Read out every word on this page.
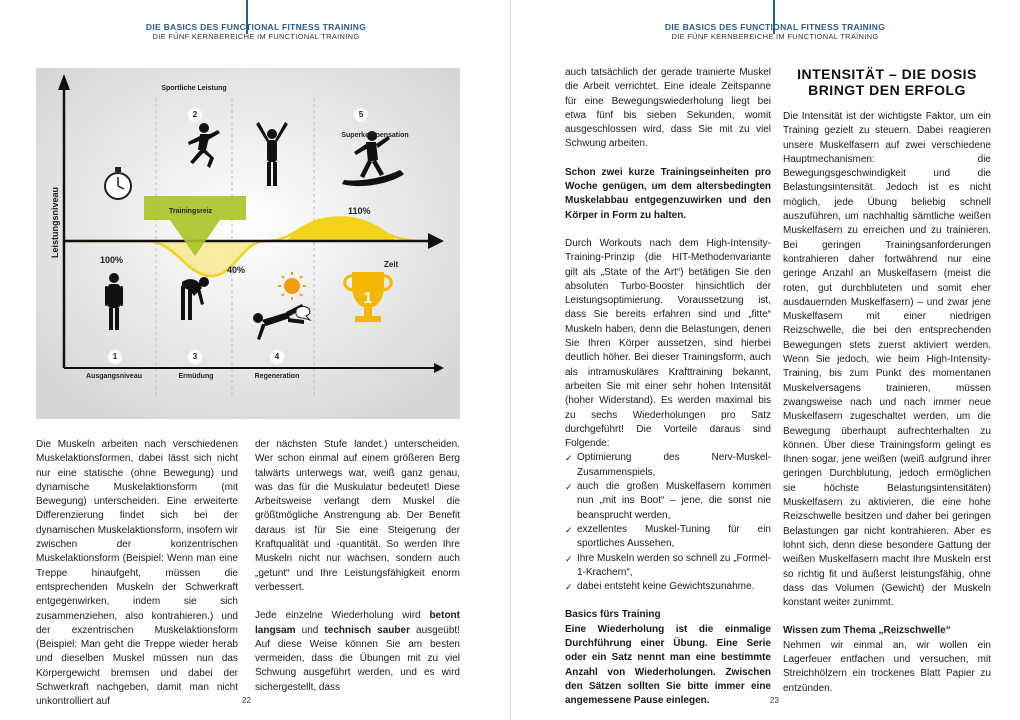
DIE BASICS DES FUNCTIONAL FITNESS TRAINING
DIE FÜNF KERNBEREICHE IM FUNCTIONAL TRAINING
Leistungsniveau
Sportliche Leistung
Zeit
Trainingsreiz
100%
40%
110%
1
2
3	4
5
Ausgangsniveau	Ermüdung	Regeneration
Superkompensation
1

Die Muskeln arbeiten nach verschiedenen Muskelaktionsformen, dabei lässt sich nicht nur eine statische (ohne Bewegung) und dynamische Muskelaktionsform (mit Bewegung) unterscheiden. Eine erweiterte Differenzierung findet sich bei der dynamischen Muskelaktionsform, insofern wir zwischen der konzentrischen Muskelaktionsform (Beispiel: Wenn man eine Treppe hinaufgeht, müssen die entsprechenden Muskeln der Schwerkraft entgegenwirken, indem sie sich zusammenziehen, also kontrahieren.) und der exzentrischen Muskelaktionsform (Beispiel: Man geht die Treppe wieder herab und dieselben Muskel müssen nun das Körpergewicht bremsen und dabei der Schwerkraft nachgeben, damit man nicht unkontrolliert auf

der nächsten Stufe landet.) unterscheiden. Wer schon einmal auf einem größeren Berg talwärts unterwegs war, weiß ganz genau, was das für die Muskulatur bedeutet! Diese Arbeitsweise verlangt dem Muskel die größtmögliche Anstrengung ab. Der Benefit daraus ist für Sie eine Steigerung der Kraftqualität und -quantität. So werden Ihre Muskeln nicht nur wachsen, sondern auch „getunt“ und Ihre Leistungsfähigkeit enorm verbessert.

Jede einzelne Wiederholung wird betont langsam und technisch sauber ausgeübt! Auf diese Weise können Sie am besten vermeiden, dass die Übungen mit zu viel Schwung ausgeführt werden, und es wird sichergestellt, dass

22
DIE BASICS DES FUNCTIONAL FITNESS TRAINING
DIE FÜNF KERNBEREICHE IM FUNCTIONAL TRAINING

auch tatsächlich der gerade trainierte Muskel die Arbeit verrichtet. Eine ideale Zeitspanne für eine Bewegungswiederholung liegt bei etwa fünf bis sieben Sekunden, womit ausgeschlossen wird, dass Sie mit zu viel Schwung arbeiten.

Schon zwei kurze Trainingseinheiten pro Woche genügen, um dem altersbedingten Muskelabbau entgegenzuwirken und den Körper in Form zu halten.

Durch Workouts nach dem High-Intensity-Training-Prinzip (die HIT-Methodenvariante gilt als „State of the Art“) betätigen Sie den absoluten Turbo-Booster hinsichtlich der Leistungsoptimierung. Voraussetzung ist, dass Sie bereits erfahren sind und „fitte“ Muskeln haben, denn die Belastungen, denen Sie Ihren Körper aussetzen, sind hierbei deutlich höher. Bei dieser Trainingsform, auch als intramuskuläres Krafttraining bekannt, arbeiten Sie mit einer sehr hohen Intensität (hoher Widerstand). Es werden maximal bis zu sechs Wiederholungen pro Satz durchgeführt! Die Vorteile daraus sind Folgende:

✓ Optimierung des Nerv-Muskel-Zusammenspiels,
✓ auch die großen Muskelfasern kommen nun „mit ins Boot“ – jene, die sonst nie beansprucht werden,
✓ exzellentes Muskel-Tuning für ein sportliches Aussehen,
✓ Ihre Muskeln werden so schnell zu „Formel-1-Krachern“,
✓ dabei entsteht keine Gewichtszunahme.
Basics fürs Training

Eine Wiederholung ist die einmalige Durchführung einer Übung. Eine Serie oder ein Satz nennt man eine bestimmte Anzahl von Wiederholungen. Zwischen den Sätzen sollten Sie bitte immer eine angemessene Pause einlegen.

INTENSITÄT – DIE DOSIS BRINGT DEN ERFOLG

Die Intensität ist der wichtigste Faktor, um ein Training gezielt zu steuern. Dabei reagieren unsere Muskelfasern auf zwei verschiedene Hauptmechanismen: die Bewegungsgeschwindigkeit und die Belastungsintensität. Jedoch ist es nicht möglich, jede Übung beliebig schnell auszuführen, um nachhaltig sämtliche weißen Muskelfasern zu erreichen und zu trainieren. Bei geringen Trainingsanforderungen kontrahieren daher fortwährend nur eine geringe Anzahl an Muskelfasern (meist die roten, gut durchbluteten und somit eher ausdauernden Muskelfasern) – und zwar jene Muskelfasern mit einer niedrigen Reizschwelle, die bei den entsprechenden Bewegungen stets zuerst aktiviert werden. Wenn Sie jedoch, wie beim High-Intensity-Training, bis zum Punkt des momentanen Muskelversagens trainieren, müssen zwangsweise nach und nach immer neue Muskelfasern zugeschaltet werden, um die Bewegung überhaupt aufrechterhalten zu können. Über diese Trainingsform gelingt es Ihnen sogar, jene weißen (weiß aufgrund ihrer geringen Durchblutung, jedoch ermöglichen sie höchste Belastungsintensitäten) Muskelfasern zu aktivieren, die eine hohe Reizschwelle besitzen und daher bei geringen Belastungen gar nicht kontrahieren. Aber es lohnt sich, denn diese besondere Gattung der weißen Muskelfasern macht Ihre Muskeln erst so richtig fit und äußerst leistungsfähig, ohne dass das Volumen (Gewicht) der Muskeln konstant weiter zunimmt.

Wissen zum Thema „Reizschwelle“

Nehmen wir einmal an, wir wollen ein Lagerfeuer entfachen und versuchen, mit Streichhölzern ein trockenes Blatt Papier zu entzünden.

23
